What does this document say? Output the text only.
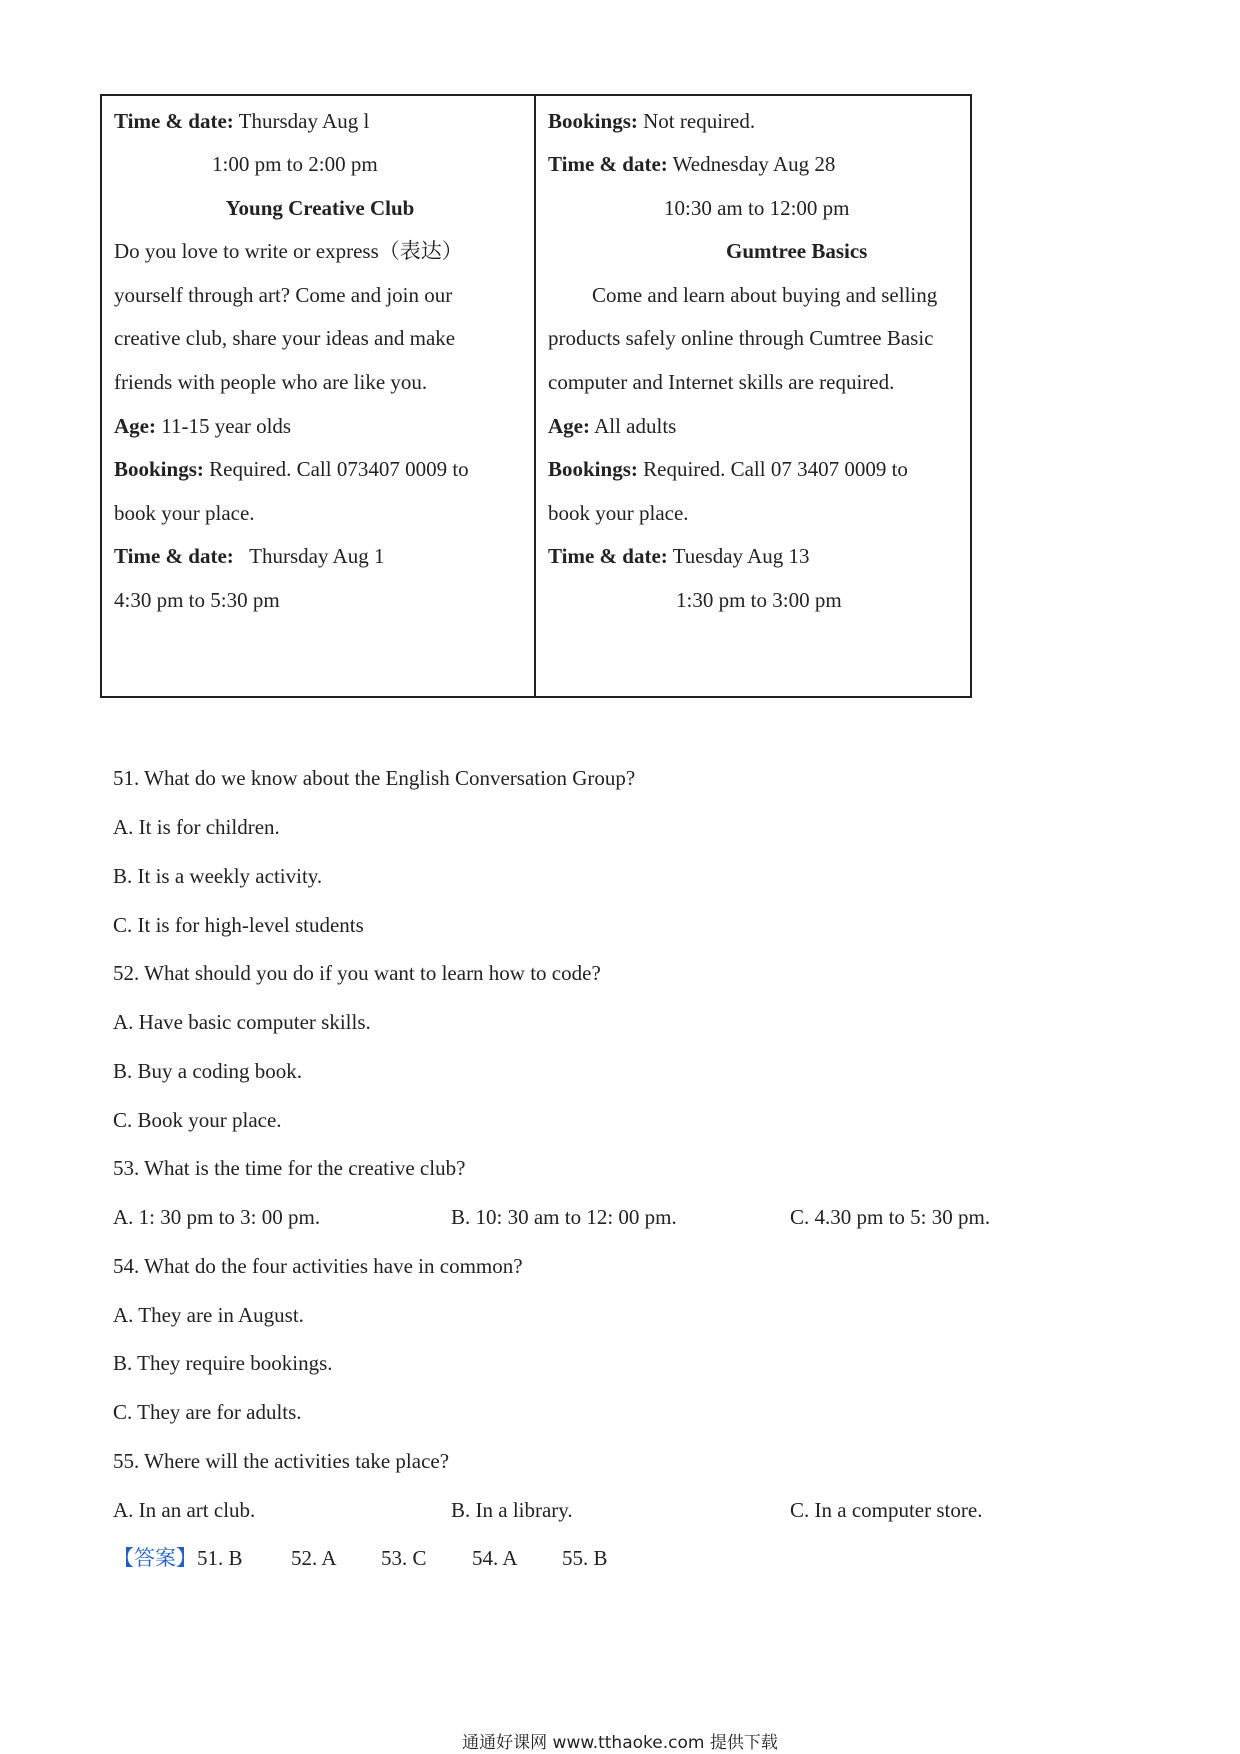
Time & date: Thursday Aug l
1:00 pm to 2:00 pm
Young Creative Club
Do you love to write or express（表达）
yourself through art? Come and join our
creative club, share your ideas and make
friends with people who are like you.
Age: 11-15 year olds
Bookings: Required. Call 073407 0009 to
book your place.
Time & date:   Thursday Aug 1
4:30 pm to 5:30 pm
Bookings: Not required.
Time & date: Wednesday Aug 28
10:30 am to 12:00 pm
Gumtree Basics
Come and learn about buying and selling
products safely online through Cumtree Basic
computer and Internet skills are required.
Age: All adults
Bookings: Required. Call 07 3407 0009 to
book your place.
Time & date: Tuesday Aug 13
1:30 pm to 3:00 pm
51. What do we know about the English Conversation Group?
A. It is for children.
B. It is a weekly activity.
C. It is for high-level students
52. What should you do if you want to learn how to code?
A. Have basic computer skills.
B. Buy a coding book.
C. Book your place.
53. What is the time for the creative club?
A. 1: 30 pm to 3: 00 pm.	B. 10: 30 am to 12: 00 pm.	C. 4.30 pm to 5: 30 pm.
54. What do the four activities have in common?
A. They are in August.
B. They require bookings.
C. They are for adults.
55. Where will the activities take place?
A. In an art club.	B. In a library.	C. In a computer store.
【答案】51. B 52. A 53. C 54. A 55. B
通通好课网 www.tthaoke.com 提供下载
